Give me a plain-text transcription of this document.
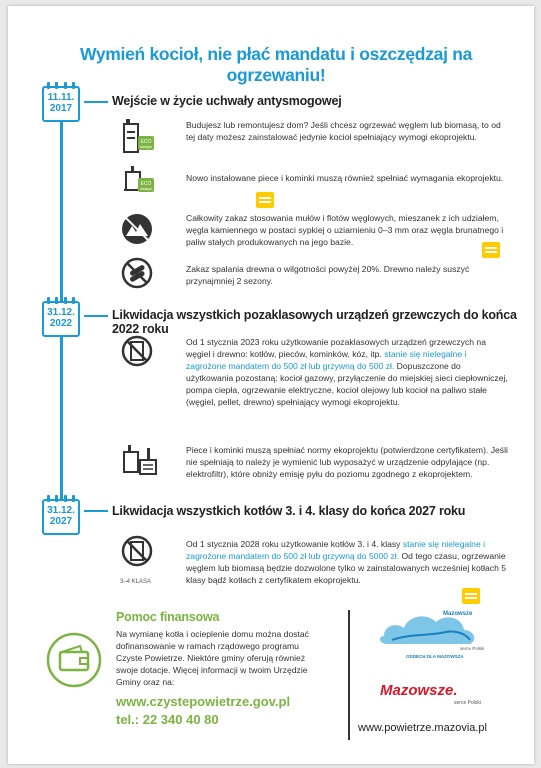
Wymień kocioł, nie płać mandatu i oszczędzaj na ogrzewaniu!
11.11.
2017
Wejście w życie uchwały antysmogowej
ECO
design
Budujesz lub remontujesz dom? Jeśli chcesz ogrzewać węglem lub biomasą, to od tej daty możesz zainstalować jedynie kocioł spełniający wymogi ekoprojektu.
ECO
design
Nowo instalowane piece i kominki muszą również spełniać wymagania ekoprojektu.
Całkowity zakaz stosowania mułów i flotów węglowych, mieszanek z ich udziałem, węgla kamiennego w postaci sypkiej o uziarnieniu 0–3 mm oraz węgla brunatnego i paliw stałych produkowanych na jego bazie.
Zakaz spalania drewna o wilgotności powyżej 20%. Drewno należy suszyć przynajmniej 2 sezony.
31.12.
2022
Likwidacja wszystkich pozaklasowych urządzeń grzewczych do końca 2022 roku
Od 1 stycznia 2023 roku użytkowanie pozaklasowych urządzeń grzewczych na węgiel i drewno: kotłów, pieców, kominków, kóz, itp. stanie się nielegalne i zagrożone mandatem do 500 zł lub grzywną do 500 zł. Dopuszczone do użytkowania pozostaną: kocioł gazowy, przyłączenie do miejskiej sieci ciepłowniczej, pompa ciepła, ogrzewanie elektryczne, kocioł olejowy lub kocioł na paliwo stałe (węgiel, pellet, drewno) spełniający wymogi ekoprojektu.
Piece i kominki muszą spełniać normy ekoprojektu (potwierdzone certyfikatem). Jeśli nie spełniają to należy je wymienić lub wyposażyć w urządzenie odpylające (np. elektrofiltr), które obniży emisję pyłu do poziomu zgodnego z ekoprojektem.
31.12.
2027
Likwidacja wszystkich kotłów 3. i 4. klasy do końca 2027 roku
3–4 KLASA
Od 1 stycznia 2028 roku użytkowanie kotłów 3. i 4. klasy stanie się nielegalne i zagrożone mandatem do 500 zł lub grzywną do 5000 zł. Od tego czasu, ogrzewanie węglem lub biomasą będzie dozwolone tylko w zainstalowanych wcześniej kotłach 5 klasy bądź kotłach z certyfikatem ekoprojektu.
Pomoc finansowa
Na wymianę kotła i ocieplenie domu można dostać dofinansowanie w ramach rządowego programu Czyste Powietrze. Niektóre gminy oferują również swoje dotacje. Więcej informacji w twoim Urzędzie Gminy oraz na:
www.czystepowietrze.gov.pl
tel.: 22 340 40 80
Mazowsze
serce Polski
ODDECH DLA MAZOWSZA
Mazowsze.
serce Polski
www.powietrze.mazovia.pl
